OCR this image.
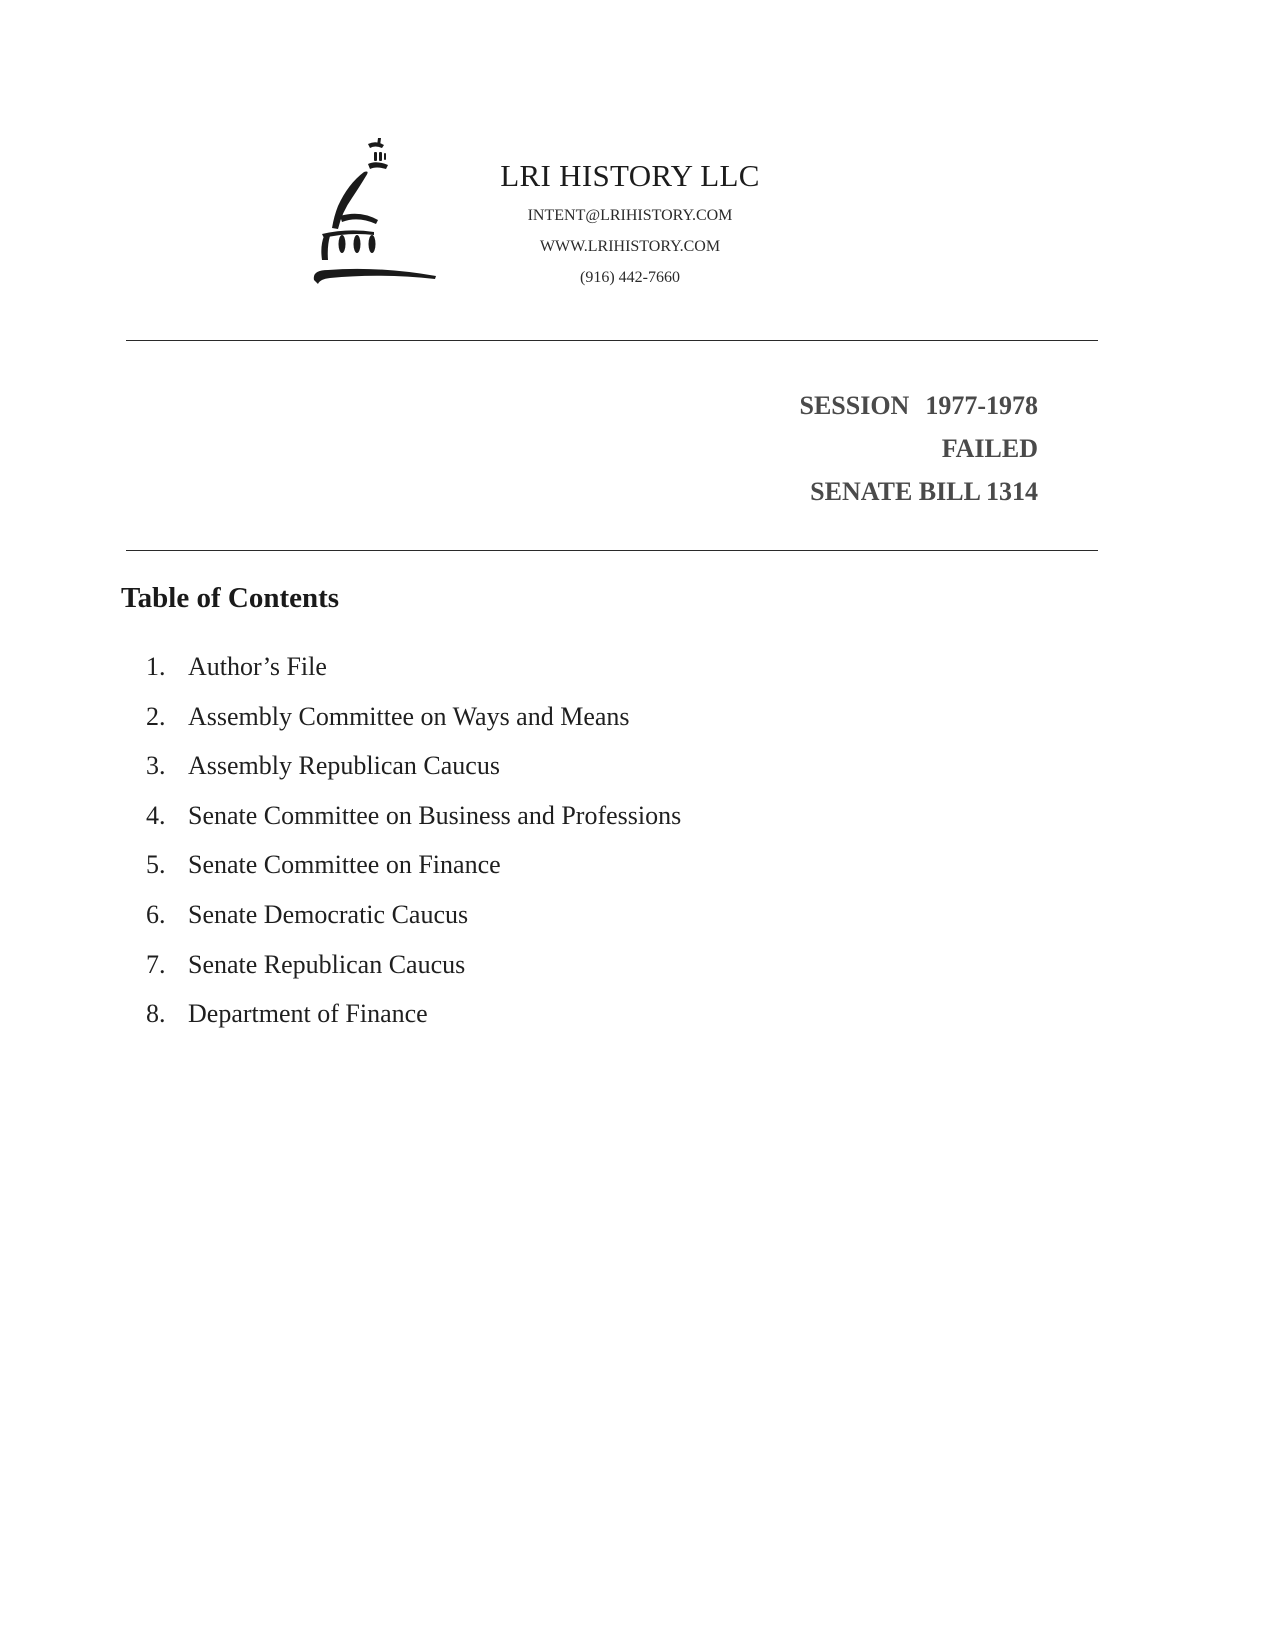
LRI HISTORY LLC
INTENT@LRIHISTORY.COM
WWW.LRIHISTORY.COM
(916) 442-7660
SESSION 1977-1978
FAILED
SENATE BILL 1314
Table of Contents
1. Author’s File
2. Assembly Committee on Ways and Means
3. Assembly Republican Caucus
4. Senate Committee on Business and Professions
5. Senate Committee on Finance
6. Senate Democratic Caucus
7. Senate Republican Caucus
8. Department of Finance
